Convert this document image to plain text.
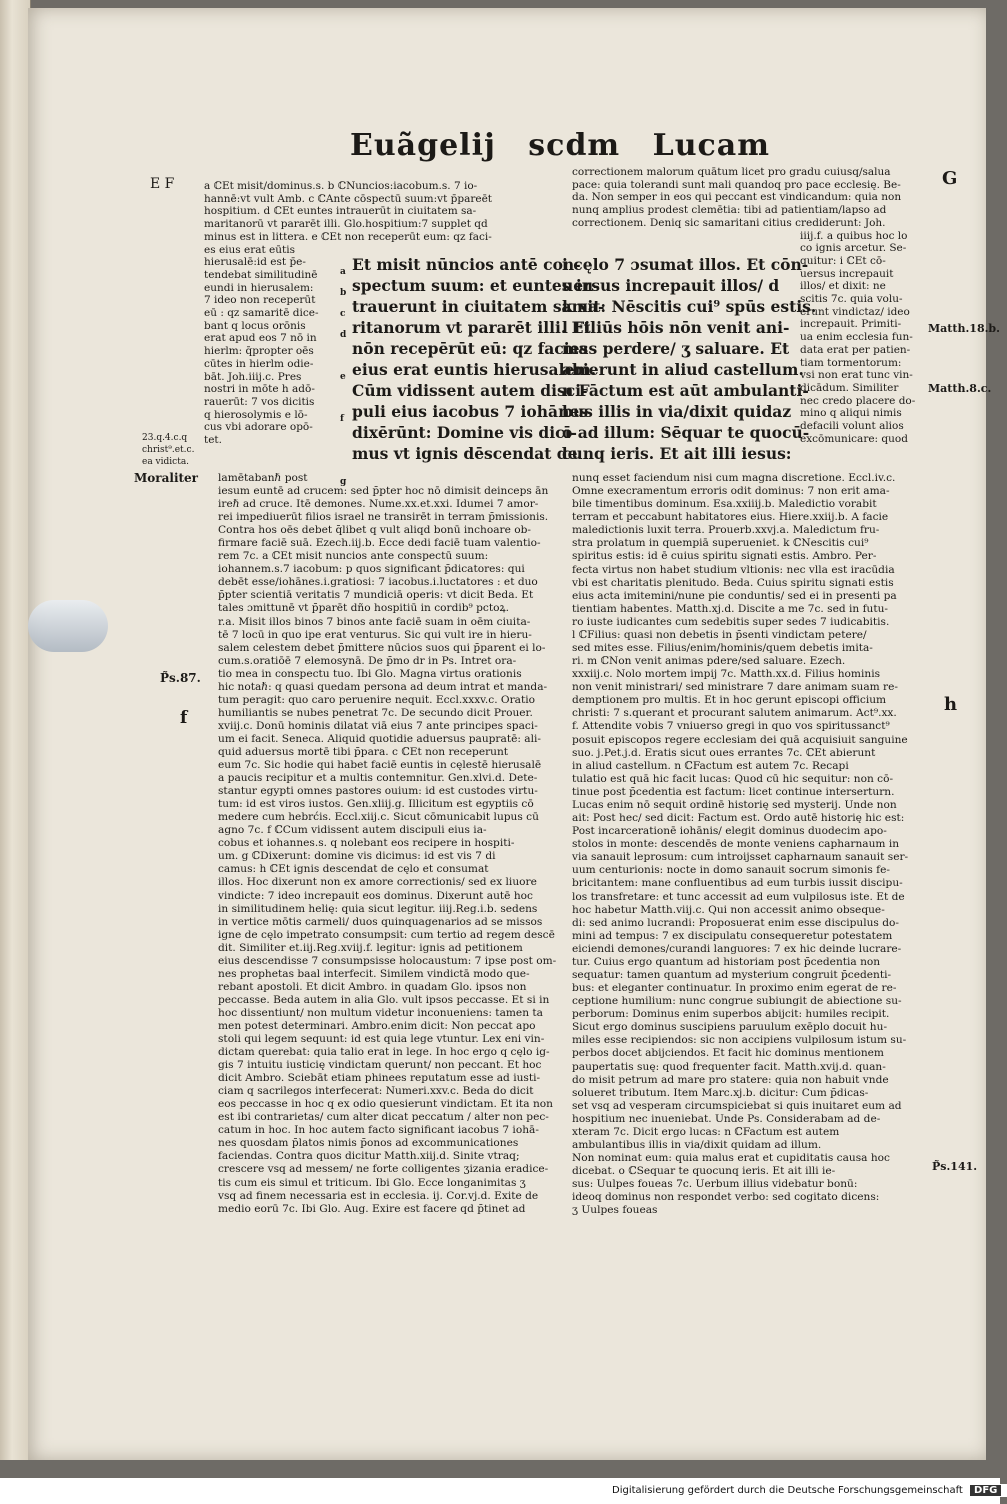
Euãgelij scdm Lucam
E F
23.q.4.c.q
christ⁹.et.c.
ea vidicta.
Moraliter
P̃s.87.
f
G
Matth.18.b.
Matth.8.c.
h
P̃s.141.
a ℂEt misit/dominus.s. b ℂNuncios:iacobum.s. 7 io-
hannē:vt vult Amb. c ℂAnte cōspectū suum:vt p̄pareēt
hospitium. d ℂEt euntes intrauerūt in ciuitatem sa-
maritanorū vt pararēt illi. Glo.hospitium:7 supplet qd
minus est in littera. e ℂEt non receperūt eum: qz faci-
es eius erat eūtis
hierusalē:id est p̄e-
tendebat similitudinē
eundi in hierusalem:
7 ideo non receperūt
eū : qz samaritē dice-
bant q locus orōnis
erat apud eos 7 nō in
hierlm: q̄propter oēs
cūtes in hierlm odie-
bāt. Joh.iiij.c. Pres
nostri in mōte h adō-
rauerūt: 7 vos dicitis
q hierosolymis e lō-
cus vbi adorare opō-
tet.
a
b
c
d

e

f

g
Et misit nūncios antē con-
spectum suum: et euntes in-
trauerunt in ciuitatem sama-
ritanorum vt pararēt illi. Et
nōn recepērūt eū: qz facies
eius erat euntis hierusalem.
Cūm vidissent autem disci-
puli eius iacobus 7 iohānes
dixērūnt: Domine vis dicī-
mus vt ignis dēscendat de
i cęlo 7 ɔsumat illos. Et cōn-
uersus increpauit illos/ d
k xit: Nēscitis cui⁹ spūs estis.
l Filiūs hōis nōn venit ani-
mas perdere/ ʒ saluare. Et
abierunt in aliud castellum.
n Fāctum est aūt ambulanti-
bus illis in via/dixit quidaz
o ad illum: Sēquar te quocū-
cunq ieris. Et ait illi iesus:
correctionem malorum quātum licet pro gradu cuiusq/salua
pace: quia tolerandi sunt mali quandoq pro pace ecclesię. Be-
da. Non semper in eos qui peccant est vindicandum: quia non
nunq amplius prodest clemētia: tibi ad patientiam/lapso ad
correctionem. Deniq sic samaritani citius crediderunt: Joh.
iiij.f. a quibus hoc lo
co ignis arcetur. Se-
quitur: i ℂEt cō-
uersus increpauit
illos/ et dixit: ne
scitis 7c. quia volu-
erunt vindictaz/ ideo
increpauit. Primiti-
ua enim ecclesia fun-
data erat per patien-
tiam tormentorum:
vsi non erat tunc vin-
dicādum. Similiter
nec credo placere do-
mino q aliqui nimis
defacili volunt alios
excōmunicare: quod
lamētabanℏ post
iesum euntē ad crucem: sed p̄pter hoc nō dimisit deinceps ān
ireℏ ad cruce. Itē demones. Nume.xx.et.xxi. Idumei 7 amor-
rei impediuerūt filios israel ne transirēt in terram p̄missionis.
Contra hos oēs debet q̄libet q vult aliqd bonū inchoare ob-
firmare faciē suā. Ezech.iij.b. Ecce dedi faciē tuam valentio-
rem 7c. a ℂEt misit nuncios ante conspectū suum:
iohannem.s.7 iacobum: p quos significant p̄dicatores: qui
debēt esse/iohānes.i.gratiosi: 7 iacobus.i.luctatores : et duo
p̄pter scientiā veritatis 7 mundiciā operis: vt dicit Beda. Et
tales ɔmittunē vt p̄parēt dño hospitiū in cordib⁹ pctoꝝ.
r.a. Misit illos binos 7 binos ante faciē suam in oēm ciuita-
tē 7 locū in quo ipe erat venturus. Sic qui vult ire in hieru-
salem celestem debet p̄mittere nūcios suos qui p̄parent ei lo-
cum.s.oratiōē 7 elemosynā. De p̄mo dr in Ps. Intret ora-
tio mea in conspectu tuo. Ibi Glo. Magna virtus orationis
hic notaℏ: q quasi quedam persona ad deum intrat et manda-
tum peragit: quo caro peruenire nequit. Eccl.xxxv.c. Oratio
humiliantis se nubes penetrat 7c. De secundo dicit Prouer.
xviij.c. Donū hominis dilatat viā eius 7 ante principes spaci-
um ei facit. Seneca. Aliquid quotidie aduersus paupratē: ali-
quid aduersus mortē tibi p̄para. c ℂEt non receperunt
eum 7c. Sic hodie qui habet faciē euntis in cęlestē hierusalē
a paucis recipitur et a multis contemnitur. Gen.xlvi.d. Dete-
stantur egypti omnes pastores ouium: id est custodes virtu-
tum: id est viros iustos. Gen.xliij.g. Illicitum est egyptiis cō
medere cum hebrćis. Eccl.xiij.c. Sicut cōmunicabit lupus cū
agno 7c. f ℂCum vidissent autem discipuli eius ia-
cobus et iohannes.s. q nolebant eos recipere in hospiti-
um. g ℂDixerunt: domine vis dicimus: id est vis 7 di
camus: h ℂEt ignis descendat de cęlo et consumat
illos. Hoc dixerunt non ex amore correctionis/ sed ex liuore
vindicte: 7 ideo increpauit eos dominus. Dixerunt autē hoc
in similitudinem helię: quia sicut legitur. iiij.Reg.i.b. sedens
in vertice mōtis carmeli/ duos quinquagenarios ad se missos
igne de cęlo impetrato consumpsit: cum tertio ad regem descē
dit. Similiter et.iij.Reg.xviij.f. legitur: ignis ad petitionem
eius descendisse 7 consumpsisse holocaustum: 7 ipse post om-
nes prophetas baal interfecit. Similem vindictā modo que-
rebant apostoli. Et dicit Ambro. in quadam Glo. ipsos non
peccasse. Beda autem in alia Glo. vult ipsos peccasse. Et si in
hoc dissentiunt/ non multum videtur inconueniens: tamen ta
men potest determinari. Ambro.enim dicit: Non peccat apo
stoli qui legem sequunt: id est quia lege vtuntur. Lex eni vin-
dictam querebat: quia talio erat in lege. In hoc ergo q cęlo ig-
gis 7 intuitu iusticię vindictam querunt/ non peccant. Et hoc
dicit Ambro. Sciebāt etiam phinees reputatum esse ad iusti-
ciam q sacrilegos interfecerat: Numeri.xxv.c. Beda do dicit
eos peccasse in hoc q ex odio quesierunt vindictam. Et ita non
est ibi contrarietas/ cum alter dicat peccatum / alter non pec-
catum in hoc. In hoc autem facto significant iacobus 7 iohā-
nes quosdam p̄latos nimis p̄onos ad excommunicationes
faciendas. Contra quos dicitur Matth.xiij.d. Sinite vtraq;
crescere vsq ad messem/ ne forte colligentes ʒizania eradice-
tis cum eis simul et triticum. Ibi Glo. Ecce longanimitas ʒ
vsq ad finem necessaria est in ecclesia. ij. Cor.vj.d. Exite de
medio eorū 7c. Ibi Glo. Aug. Exire est facere qd p̄tinet ad
nunq esset faciendum nisi cum magna discretione. Eccl.iv.c.
Omne execramentum erroris odit dominus: 7 non erit ama-
bile timentibus dominum. Esa.xxiiij.b. Maledictio vorabit
terram et peccabunt habitatores eius. Hiere.xxiij.b. A facie
maledictionis luxit terra. Prouerb.xxvj.a. Maledictum fru-
stra prolatum in quempiā superueniet. k ℂNescitis cui⁹
spiritus estis: id ē cuius spiritu signati estis. Ambro. Per-
fecta virtus non habet studium vltionis: nec vlla est iracūdia
vbi est charitatis plenitudo. Beda. Cuius spiritu signati estis
eius acta imitemini/nune pie conduntis/ sed ei in presenti pa
tientiam habentes. Matth.xj.d. Discite a me 7c. sed in futu-
ro iuste iudicantes cum sedebitis super sedes 7 iudicabitis.
l ℂFilius: quasi non debetis in p̄senti vindictam petere/
sed mites esse. Filius/enim/hominis/quem debetis imita-
ri. m ℂNon venit animas pdere/sed saluare. Ezech.
xxxiij.c. Nolo mortem impij 7c. Matth.xx.d. Filius hominis
non venit ministrari/ sed ministrare 7 dare animam suam re-
demptionem pro multis. Et in hoc gerunt episcopi officium
christi: 7 s.querant et procurant salutem animarum. Act⁹.xx.
f. Attendite vobis 7 vniuerso gregi in quo vos spiritussanct⁹
posuit episcopos regere ecclesiam dei quā acquisiuit sanguine
suo. j.Pet.j.d. Eratis sicut oues errantes 7c. ℂEt abierunt
in aliud castellum. n ℂFactum est autem 7c. Recapi
tulatio est quā hic facit lucas: Quod cū hic sequitur: non cō-
tinue post p̄cedentia est factum: licet continue interserturn.
Lucas enim nō sequit ordinē historię sed mysterij. Unde non
ait: Post hec/ sed dicit: Factum est. Ordo autē historię hic est:
Post incarcerationē iohānis/ elegit dominus duodecim apo-
stolos in monte: descendēs de monte veniens capharnaum in
via sanauit leprosum: cum introijsset capharnaum sanauit ser-
uum centurionis: nocte in domo sanauit socrum simonis fe-
bricitantem: mane confluentibus ad eum turbis iussit discipu-
los transfretare: et tunc accessit ad eum vulpilosus iste. Et de
hoc habetur Matth.viij.c. Qui non accessit animo obseque-
di: sed animo lucrandi: Proposuerat enim esse discipulus do-
mini ad tempus: 7 ex discipulatu consequeretur potestatem
eiciendi demones/curandi languores: 7 ex hic deinde lucrare-
tur. Cuius ergo quantum ad historiam post p̄cedentia non
sequatur: tamen quantum ad mysterium congruit p̄cedenti-
bus: et eleganter continuatur. In proximo enim egerat de re-
ceptione humilium: nunc congrue subiungit de abiectione su-
perborum: Dominus enim superbos abijcit: humiles recipit.
Sicut ergo dominus suscipiens paruulum exēplo docuit hu-
miles esse recipiendos: sic non accipiens vulpilosum istum su-
perbos docet abijciendos. Et facit hic dominus mentionem
paupertatis suę: quod frequenter facit. Matth.xvij.d. quan-
do misit petrum ad mare pro statere: quia non habuit vnde
solueret tributum. Item Marc.xj.b. dicitur: Cum p̄dicas-
set vsq ad vesperam circumspiciebat si quis inuitaret eum ad
hospitium nec inueniebat. Unde Ps. Considerabam ad de-
xteram 7c. Dicit ergo lucas: n ℂFactum est autem
ambulantibus illis in via/dixit quidam ad illum.
Non nominat eum: quia malus erat et cupiditatis causa hoc
dicebat. o ℂSequar te quocunq ieris. Et ait illi ie-
sus: Uulpes foueas 7c. Uerbum illius videbatur bonū:
ideoq dominus non respondet verbo: sed cogitato dicens:
ʒ Uulpes foueas
Digitalisierung gefördert durch die Deutsche Forschungsgemeinschaft DFG
